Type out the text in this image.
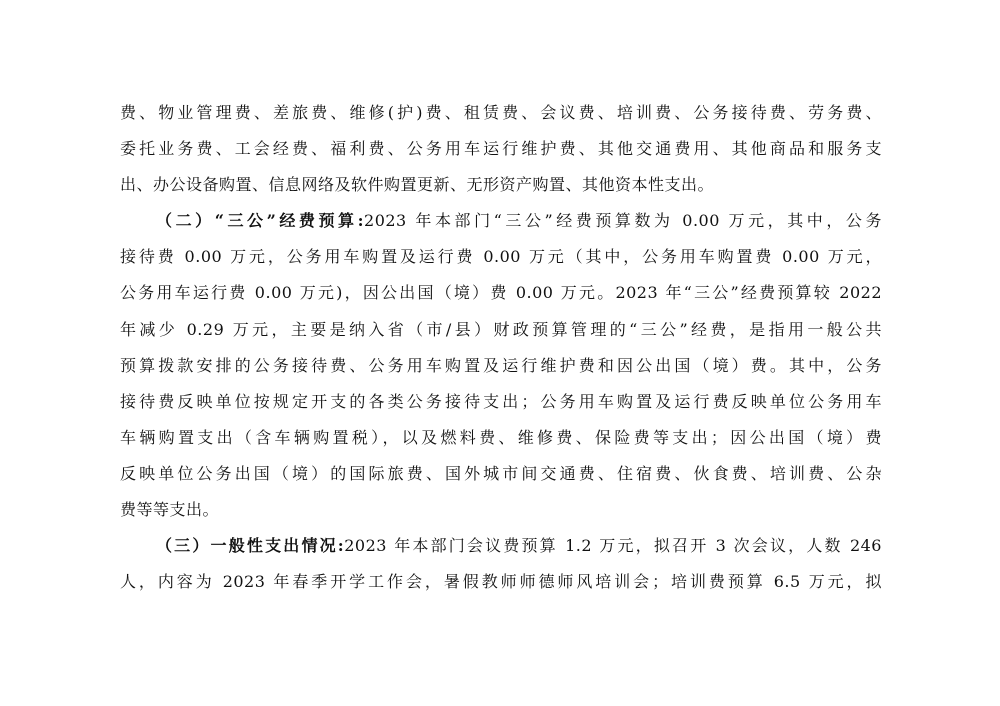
费、物业管理费、差旅费、维修(护)费、租赁费、会议费、培训费、公务接待费、劳务费、
委托业务费、工会经费、福利费、公务用车运行维护费、其他交通费用、其他商品和服务支
出、办公设备购置、信息网络及软件购置更新、无形资产购置、其他资本性支出。
（二）“三公”经费预算:2023 年本部门“三公”经费预算数为 0.00 万元，其中，公务
接待费 0.00 万元，公务用车购置及运行费 0.00 万元（其中，公务用车购置费 0.00 万元，
公务用车运行费 0.00 万元)，因公出国（境）费 0.00 万元。2023 年“三公”经费预算较 2022
年减少 0.29 万元，主要是纳入省（市/县）财政预算管理的“三公”经费，是指用一般公共
预算拨款安排的公务接待费、公务用车购置及运行维护费和因公出国（境）费。其中，公务
接待费反映单位按规定开支的各类公务接待支出；公务用车购置及运行费反映单位公务用车
车辆购置支出（含车辆购置税），以及燃料费、维修费、保险费等支出；因公出国（境）费
反映单位公务出国（境）的国际旅费、国外城市间交通费、住宿费、伙食费、培训费、公杂
费等等支出。
（三）一般性支出情况:2023 年本部门会议费预算 1.2 万元，拟召开 3 次会议，人数 246
人，内容为 2023 年春季开学工作会，暑假教师师德师风培训会；培训费预算 6.5 万元，拟
